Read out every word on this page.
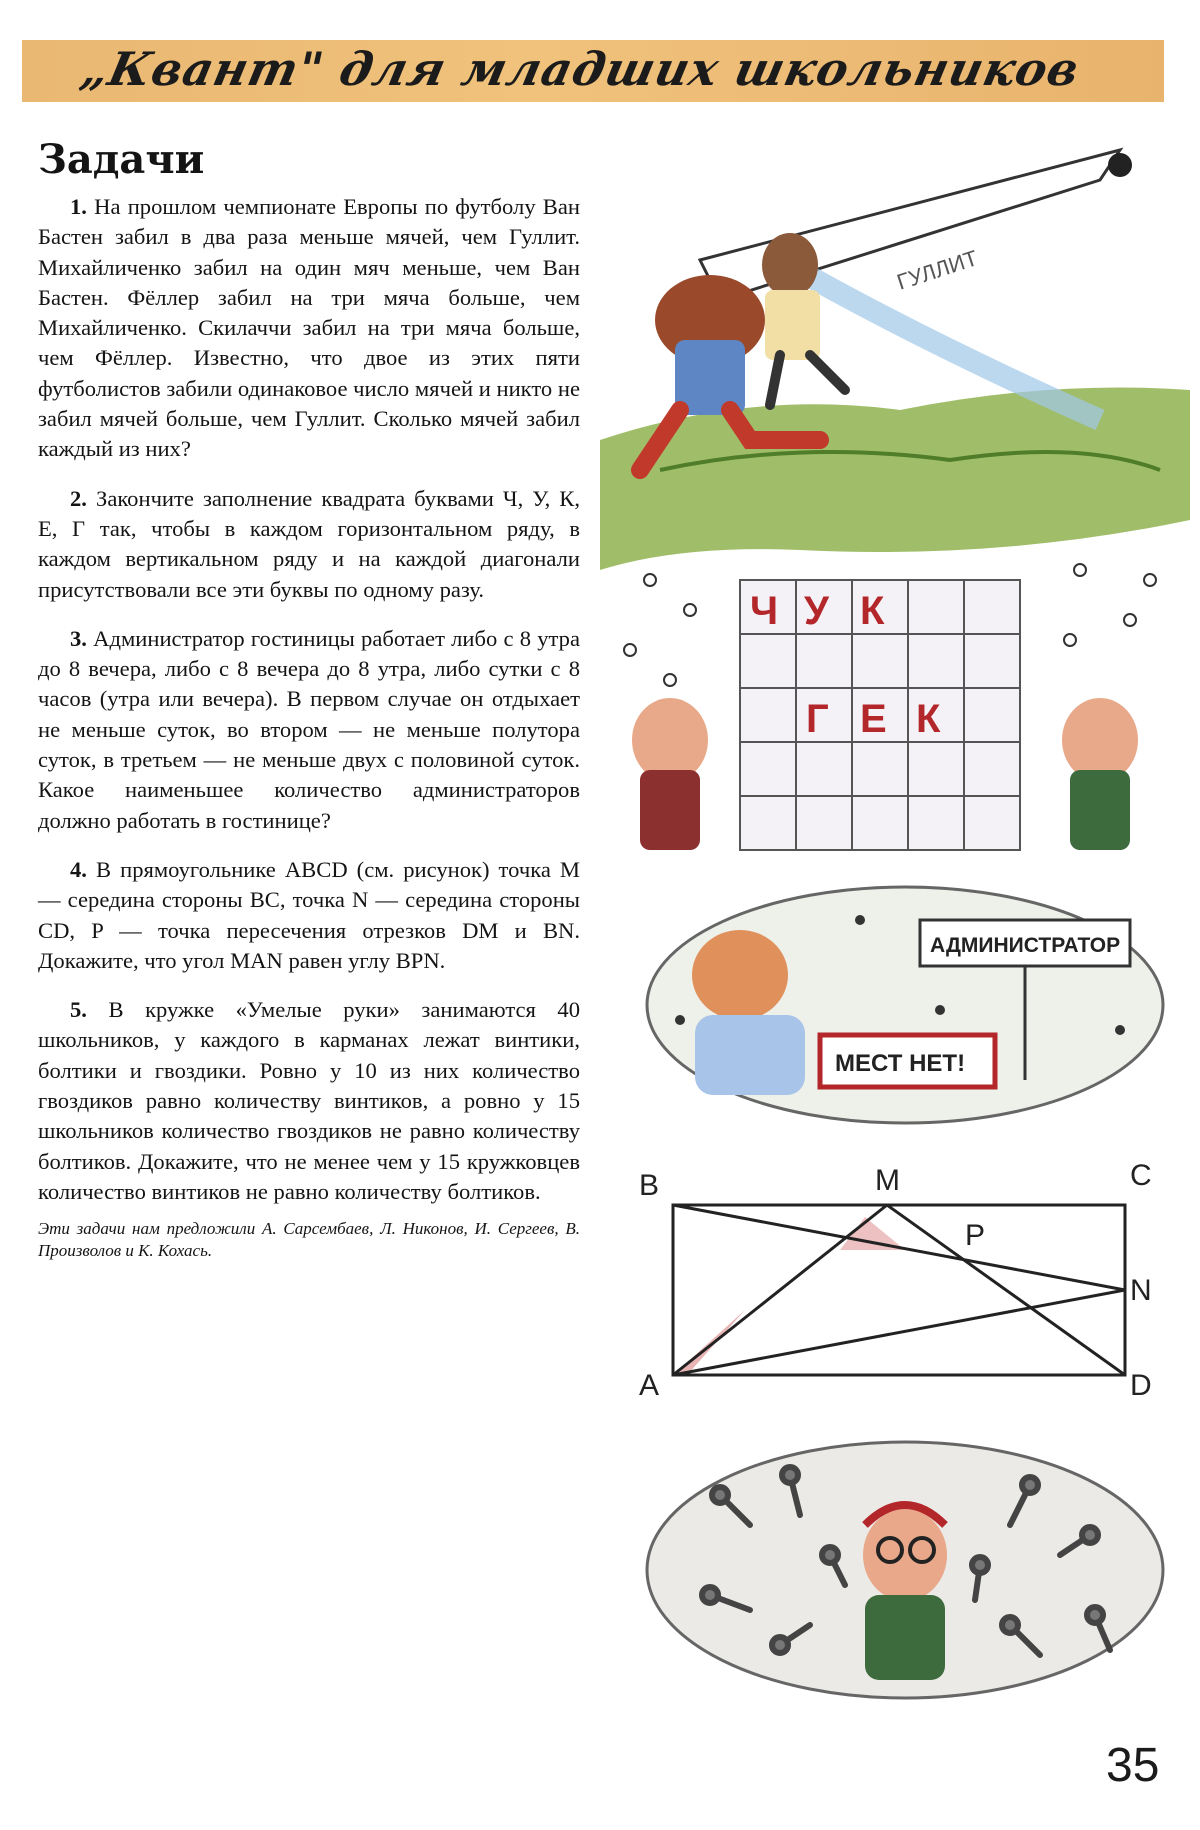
„Квант" для младших школьников
Задачи

1. На прошлом чемпионате Европы по футболу Ван Бастен забил в два раза меньше мячей, чем Гуллит. Михайличенко забил на один мяч меньше, чем Ван Бастен. Фёллер забил на три мяча больше, чем Михайличенко. Скилаччи забил на три мяча больше, чем Фёллер. Известно, что двое из этих пяти футболистов забили одинаковое число мячей и никто не забил мячей больше, чем Гуллит. Сколько мячей забил каждый из них?

2. Закончите заполнение квадрата буквами Ч, У, К, Е, Г так, чтобы в каждом горизонтальном ряду, в каждом вертикальном ряду и на каждой диагонали присутствовали все эти буквы по одному разу.

3. Администратор гостиницы работает либо с 8 утра до 8 вечера, либо с 8 вечера до 8 утра, либо сутки с 8 часов (утра или вечера). В первом случае он отдыхает не меньше суток, во втором — не меньше полутора суток, в третьем — не меньше двух с половиной суток. Какое наименьшее количество администраторов должно работать в гостинице?

4. В прямоугольнике ABCD (см. рисунок) точка M — середина стороны BC, точка N — середина стороны CD, P — точка пересечения отрезков DM и BN. Докажите, что угол MAN равен углу BPN.

5. В кружке «Умелые руки» занимаются 40 школьников, у каждого в карманах лежат винтики, болтики и гвоздики. Ровно у 10 из них количество гвоздиков равно количеству винтиков, а ровно у 15 школьников количество гвоздиков не равно количеству болтиков. Докажите, что не менее чем у 15 кружковцев количество винтиков не равно количеству болтиков.

Эти задачи нам предложили А. Сарсембаев, Л. Никонов, И. Сергеев, В. Произволов и К. Кохась.

ГУЛЛИТ
Ч У К
Г Е К
АДМИНИСТРАТОР
МЕСТ НЕТ!
B	C
M
P
N
A	D
35
